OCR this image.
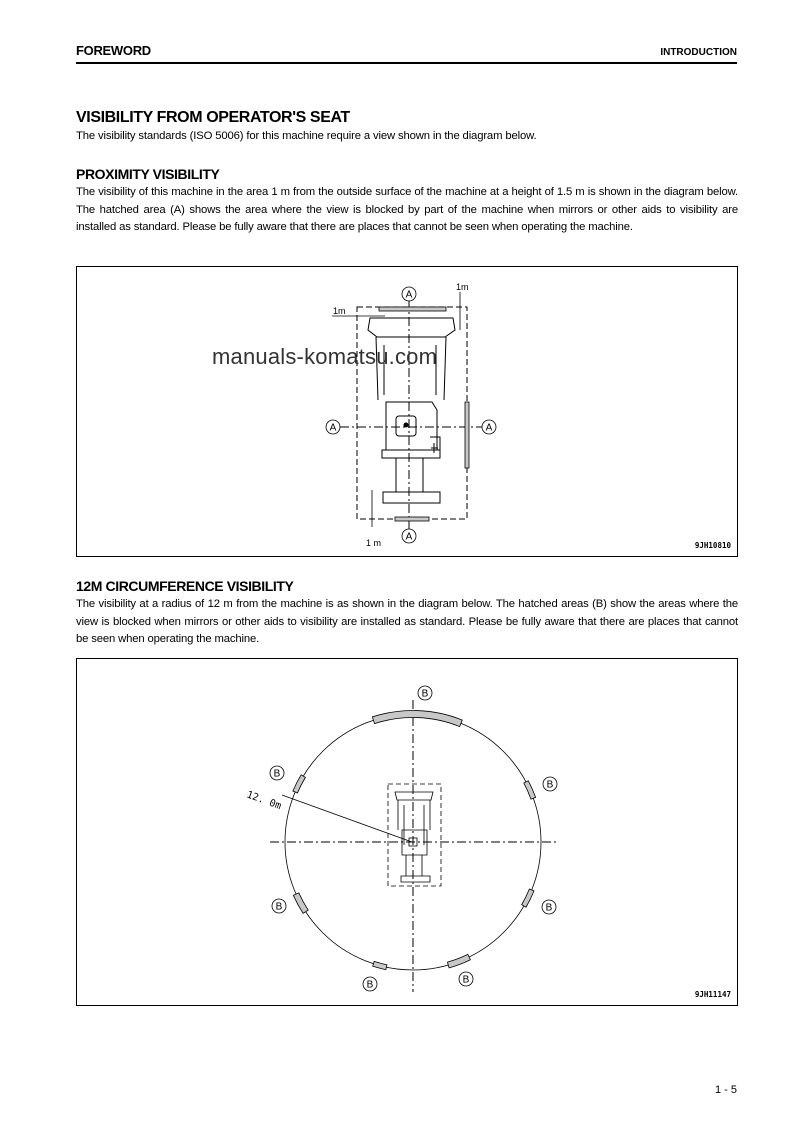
FOREWORD	INTRODUCTION
VISIBILITY FROM OPERATOR'S SEAT

The visibility standards (ISO 5006) for this machine require a view shown in the diagram below.

PROXIMITY VISIBILITY

The visibility of this machine in the area 1 m from the outside surface of the machine at a height of 1.5 m is shown in the diagram below. The hatched area (A) shows the area where the view is blocked by part of the machine when mirrors or other aids to visibility are installed as standard. Please be fully aware that there are places that cannot be seen when operating the machine.

1m
1m
1 m
A
A	A
A
9JH10810
manuals-komatsu.com
12M CIRCUMFERENCE VISIBILITY

The visibility at a radius of 12 m from the machine is as shown in the diagram below. The hatched areas (B) show the areas where the view is blocked when mirrors or other aids to visibility are installed as standard. Please be fully aware that there are places that cannot be seen when operating the machine.

12. 0m
B
B
B
B	B
B	B
9JH11147
1 - 5
